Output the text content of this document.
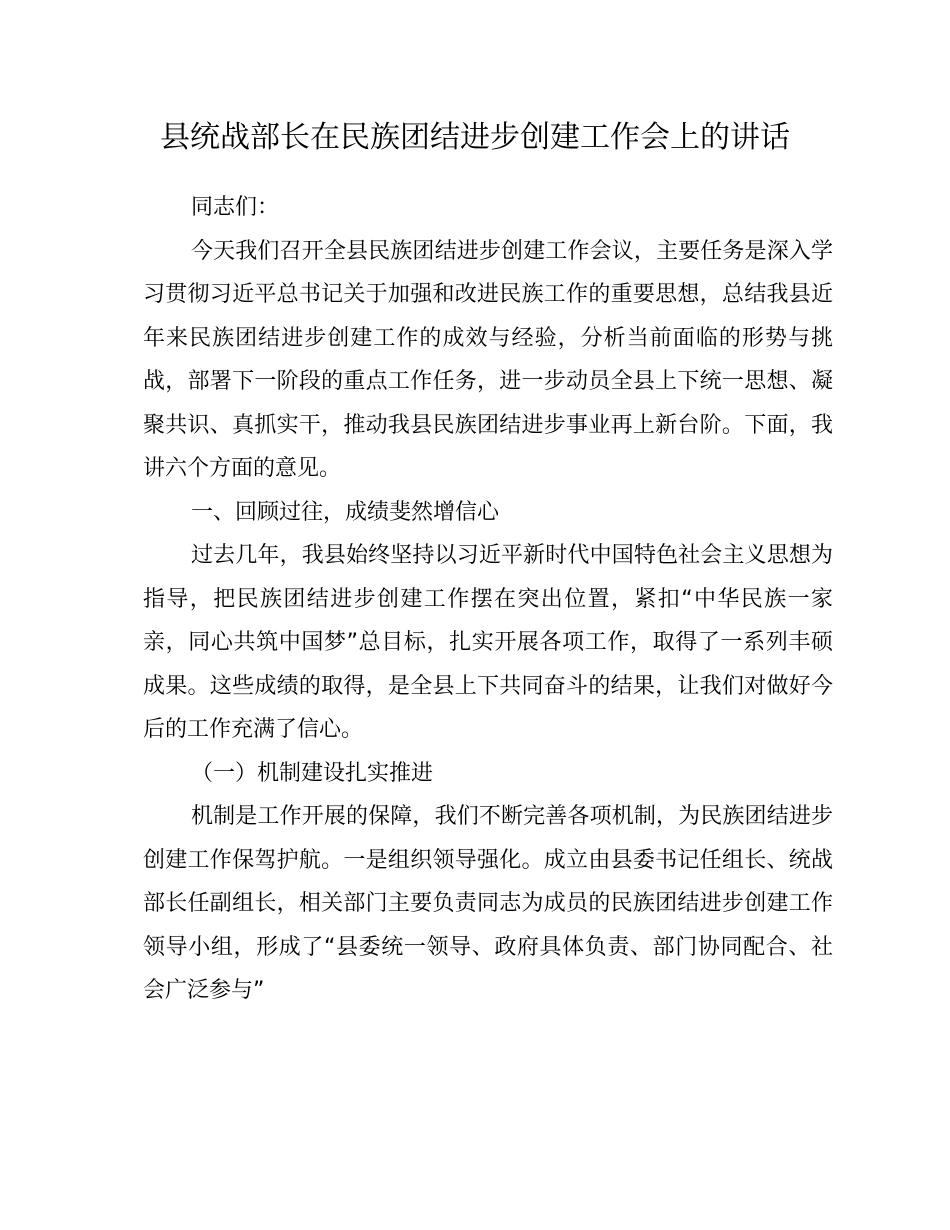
县统战部长在民族团结进步创建工作会上的讲话

同志们：

今天我们召开全县民族团结进步创建工作会议，主要任务是深入学习贯彻习近平总书记关于加强和改进民族工作的重要思想，总结我县近年来民族团结进步创建工作的成效与经验，分析当前面临的形势与挑战，部署下一阶段的重点工作任务，进一步动员全县上下统一思想、凝聚共识、真抓实干，推动我县民族团结进步事业再上新台阶。下面，我讲六个方面的意见。

一、回顾过往，成绩斐然增信心

过去几年，我县始终坚持以习近平新时代中国特色社会主义思想为指导，把民族团结进步创建工作摆在突出位置，紧扣“中华民族一家亲，同心共筑中国梦”总目标，扎实开展各项工作，取得了一系列丰硕成果。这些成绩的取得，是全县上下共同奋斗的结果，让我们对做好今后的工作充满了信心。

（一）机制建设扎实推进

机制是工作开展的保障，我们不断完善各项机制，为民族团结进步创建工作保驾护航。一是组织领导强化。成立由县委书记任组长、统战部长任副组长，相关部门主要负责同志为成员的民族团结进步创建工作领导小组，形成了“县委统一领导、政府具体负责、部门协同配合、社会广泛参与”
